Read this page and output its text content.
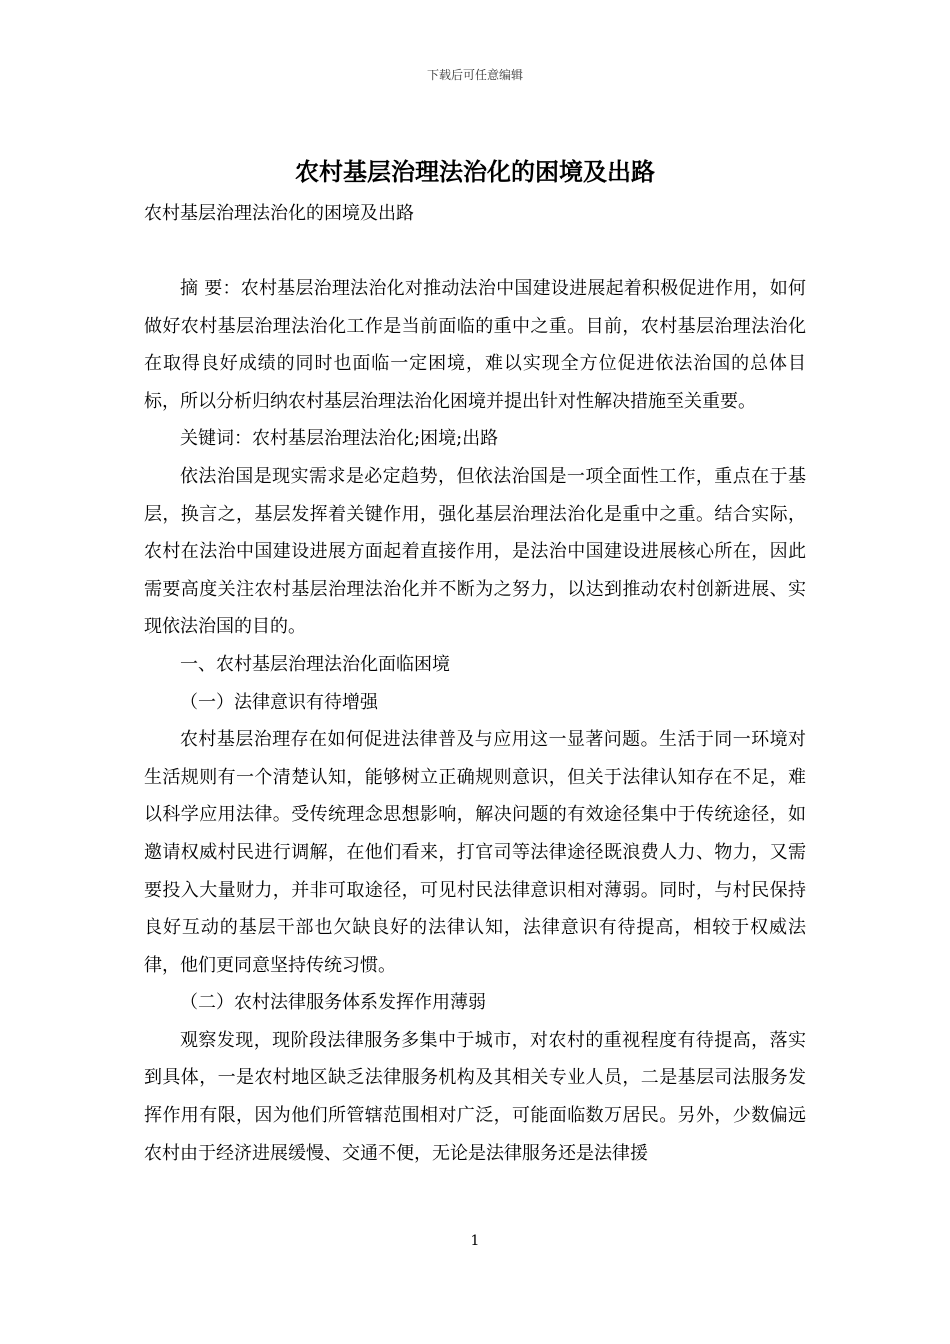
下载后可任意编辑
农村基层治理法治化的困境及出路
农村基层治理法治化的困境及出路

摘 要：农村基层治理法治化对推动法治中国建设进展起着积极促进作用，如何做好农村基层治理法治化工作是当前面临的重中之重。目前，农村基层治理法治化在取得良好成绩的同时也面临一定困境，难以实现全方位促进依法治国的总体目标，所以分析归纳农村基层治理法治化困境并提出针对性解决措施至关重要。

关键词：农村基层治理法治化;困境;出路

依法治国是现实需求是必定趋势，但依法治国是一项全面性工作，重点在于基层，换言之，基层发挥着关键作用，强化基层治理法治化是重中之重。结合实际，农村在法治中国建设进展方面起着直接作用，是法治中国建设进展核心所在，因此需要高度关注农村基层治理法治化并不断为之努力，以达到推动农村创新进展、实现依法治国的目的。

一、农村基层治理法治化面临困境

（一）法律意识有待增强

农村基层治理存在如何促进法律普及与应用这一显著问题。生活于同一环境对生活规则有一个清楚认知，能够树立正确规则意识，但关于法律认知存在不足，难以科学应用法律。受传统理念思想影响，解决问题的有效途径集中于传统途径，如邀请权威村民进行调解，在他们看来，打官司等法律途径既浪费人力、物力，又需要投入大量财力，并非可取途径，可见村民法律意识相对薄弱。同时，与村民保持良好互动的基层干部也欠缺良好的法律认知，法律意识有待提高，相较于权威法律，他们更同意坚持传统习惯。

（二）农村法律服务体系发挥作用薄弱

观察发现，现阶段法律服务多集中于城市，对农村的重视程度有待提高，落实到具体，一是农村地区缺乏法律服务机构及其相关专业人员，二是基层司法服务发挥作用有限，因为他们所管辖范围相对广泛，可能面临数万居民。另外，少数偏远农村由于经济进展缓慢、交通不便，无论是法律服务还是法律援

1
